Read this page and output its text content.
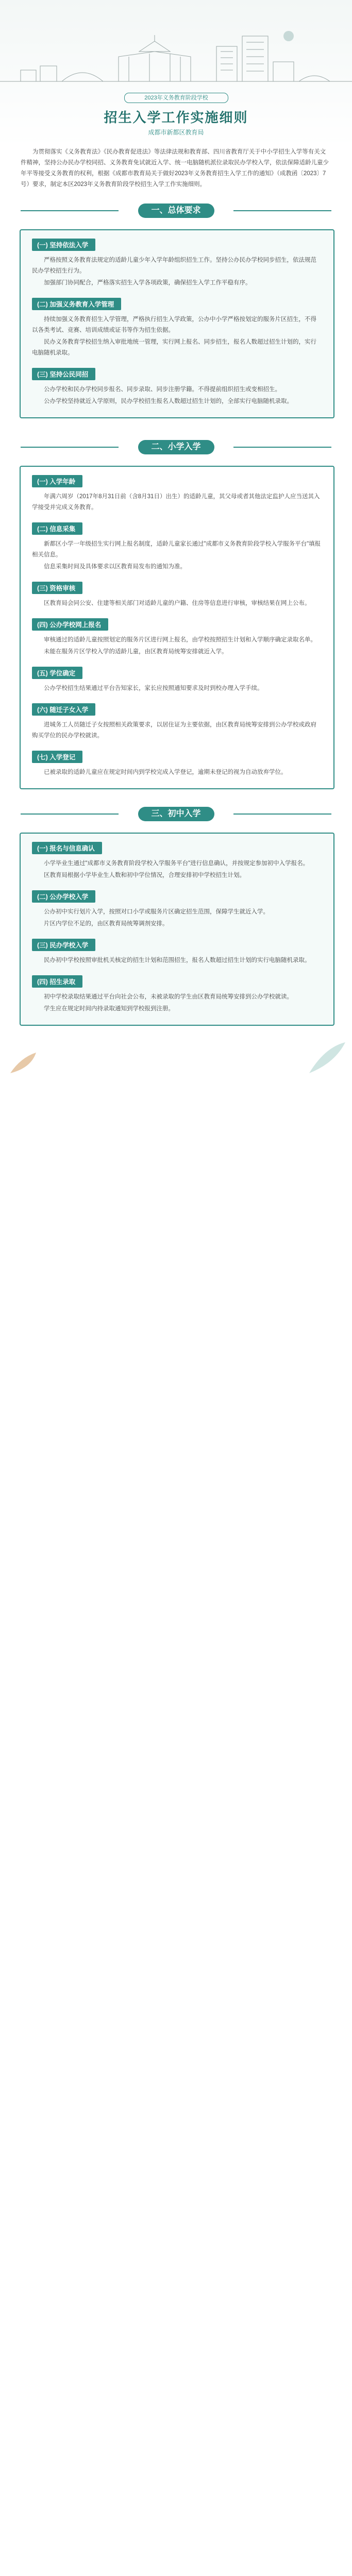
2023年义务教育阶段学校
招生入学工作实施细则
成都市新都区教育局

为贯彻落实《义务教育法》《民办教育促进法》等法律法规和教育部、四川省教育厅关于中小学招生入学等有关文件精神，坚持公办民办学校同招、义务教育免试就近入学、统一电脑随机派位录取民办学校入学，依法保障适龄儿童少年平等接受义务教育的权利，根据《成都市教育局关于做好2023年义务教育招生入学工作的通知》（成教函〔2023〕7号）要求，制定本区2023年义务教育阶段学校招生入学工作实施细则。

一、总体要求
(一) 坚持依法入学

严格按照义务教育法规定的适龄儿童少年入学年龄组织招生工作。坚持公办民办学校同步招生，依法规范民办学校招生行为。

加强部门协同配合，严格落实招生入学各项政策，确保招生入学工作平稳有序。

(二) 加强义务教育入学管理

持续加强义务教育招生入学管理，严格执行招生入学政策，公办中小学严格按划定的服务片区招生，不得以各类考试、竞赛、培训成绩或证书等作为招生依据。

民办义务教育学校招生纳入审批地统一管理，实行网上报名、同步招生，报名人数超过招生计划的，实行电脑随机录取。

(三) 坚持公民同招

公办学校和民办学校同步报名、同步录取、同步注册学籍。不得提前组织招生或变相招生。

公办学校坚持就近入学原则，民办学校招生报名人数超过招生计划的，全部实行电脑随机录取。

二、小学入学
(一) 入学年龄

年满六周岁（2017年8月31日前（含8月31日）出生）的适龄儿童，其父母或者其他法定监护人应当送其入学接受并完成义务教育。

(二) 信息采集

新都区小学一年级招生实行网上报名制度，适龄儿童家长通过"成都市义务教育阶段学校入学服务平台"填报相关信息。

信息采集时间及具体要求以区教育局发布的通知为准。

(三) 资格审核

区教育局会同公安、住建等相关部门对适龄儿童的户籍、住房等信息进行审核，审核结果在网上公布。

(四) 公办学校网上报名

审核通过的适龄儿童按照划定的服务片区进行网上报名，由学校按照招生计划和入学顺序确定录取名单。

未能在服务片区学校入学的适龄儿童，由区教育局统筹安排就近入学。

(五) 学位确定

公办学校招生结果通过平台告知家长，家长应按照通知要求及时到校办理入学手续。

(六) 随迁子女入学

进城务工人员随迁子女按照相关政策要求，以居住证为主要依据，由区教育局统筹安排到公办学校或政府购买学位的民办学校就读。

(七) 入学登记

已被录取的适龄儿童应在规定时间内到学校完成入学登记，逾期未登记的视为自动放弃学位。

三、初中入学
(一) 报名与信息确认

小学毕业生通过"成都市义务教育阶段学校入学服务平台"进行信息确认，并按规定参加初中入学报名。

区教育局根据小学毕业生人数和初中学位情况，合理安排初中学校招生计划。

(二) 公办学校入学

公办初中实行划片入学，按照对口小学或服务片区确定招生范围，保障学生就近入学。

片区内学位不足的，由区教育局统筹调剂安排。

(三) 民办学校入学

民办初中学校按照审批机关核定的招生计划和范围招生，报名人数超过招生计划的实行电脑随机录取。

(四) 招生录取

初中学校录取结果通过平台向社会公布，未被录取的学生由区教育局统筹安排到公办学校就读。

学生应在规定时间内持录取通知到学校报到注册。
